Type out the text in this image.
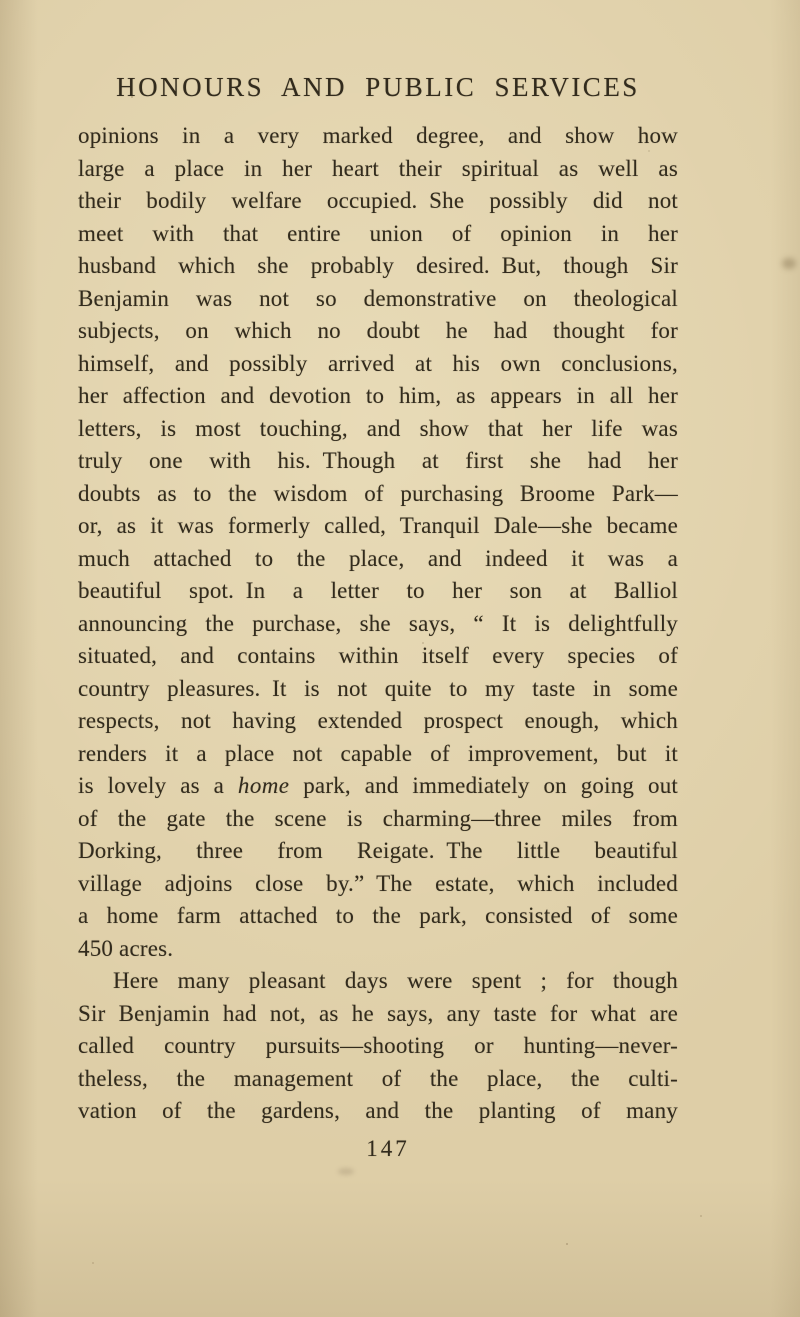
HONOURS AND PUBLIC SERVICES
opinions in a very marked degree, and show how
large a place in her heart their spiritual as well as
their bodily welfare occupied. She possibly did not
meet with that entire union of opinion in her
husband which she probably desired. But, though Sir
Benjamin was not so demonstrative on theological
subjects, on which no doubt he had thought for
himself, and possibly arrived at his own conclusions,
her affection and devotion to him, as appears in all her
letters, is most touching, and show that her life was
truly one with his. Though at first she had her
doubts as to the wisdom of purchasing Broome Park—
or, as it was formerly called, Tranquil Dale—she became
much attached to the place, and indeed it was a
beautiful spot. In a letter to her son at Balliol
announcing the purchase, she says, “ It is delightfully
situated, and contains within itself every species of
country pleasures. It is not quite to my taste in some
respects, not having extended prospect enough, which
renders it a place not capable of improvement, but it
is lovely as a home park, and immediately on going out
of the gate the scene is charming—three miles from
Dorking, three from Reigate. The little beautiful
village adjoins close by.” The estate, which included
a home farm attached to the park, consisted of some
450 acres.
Here many pleasant days were spent ; for though
Sir Benjamin had not, as he says, any taste for what are
called country pursuits—shooting or hunting—never-
theless, the management of the place, the culti-
vation of the gardens, and the planting of many
147
